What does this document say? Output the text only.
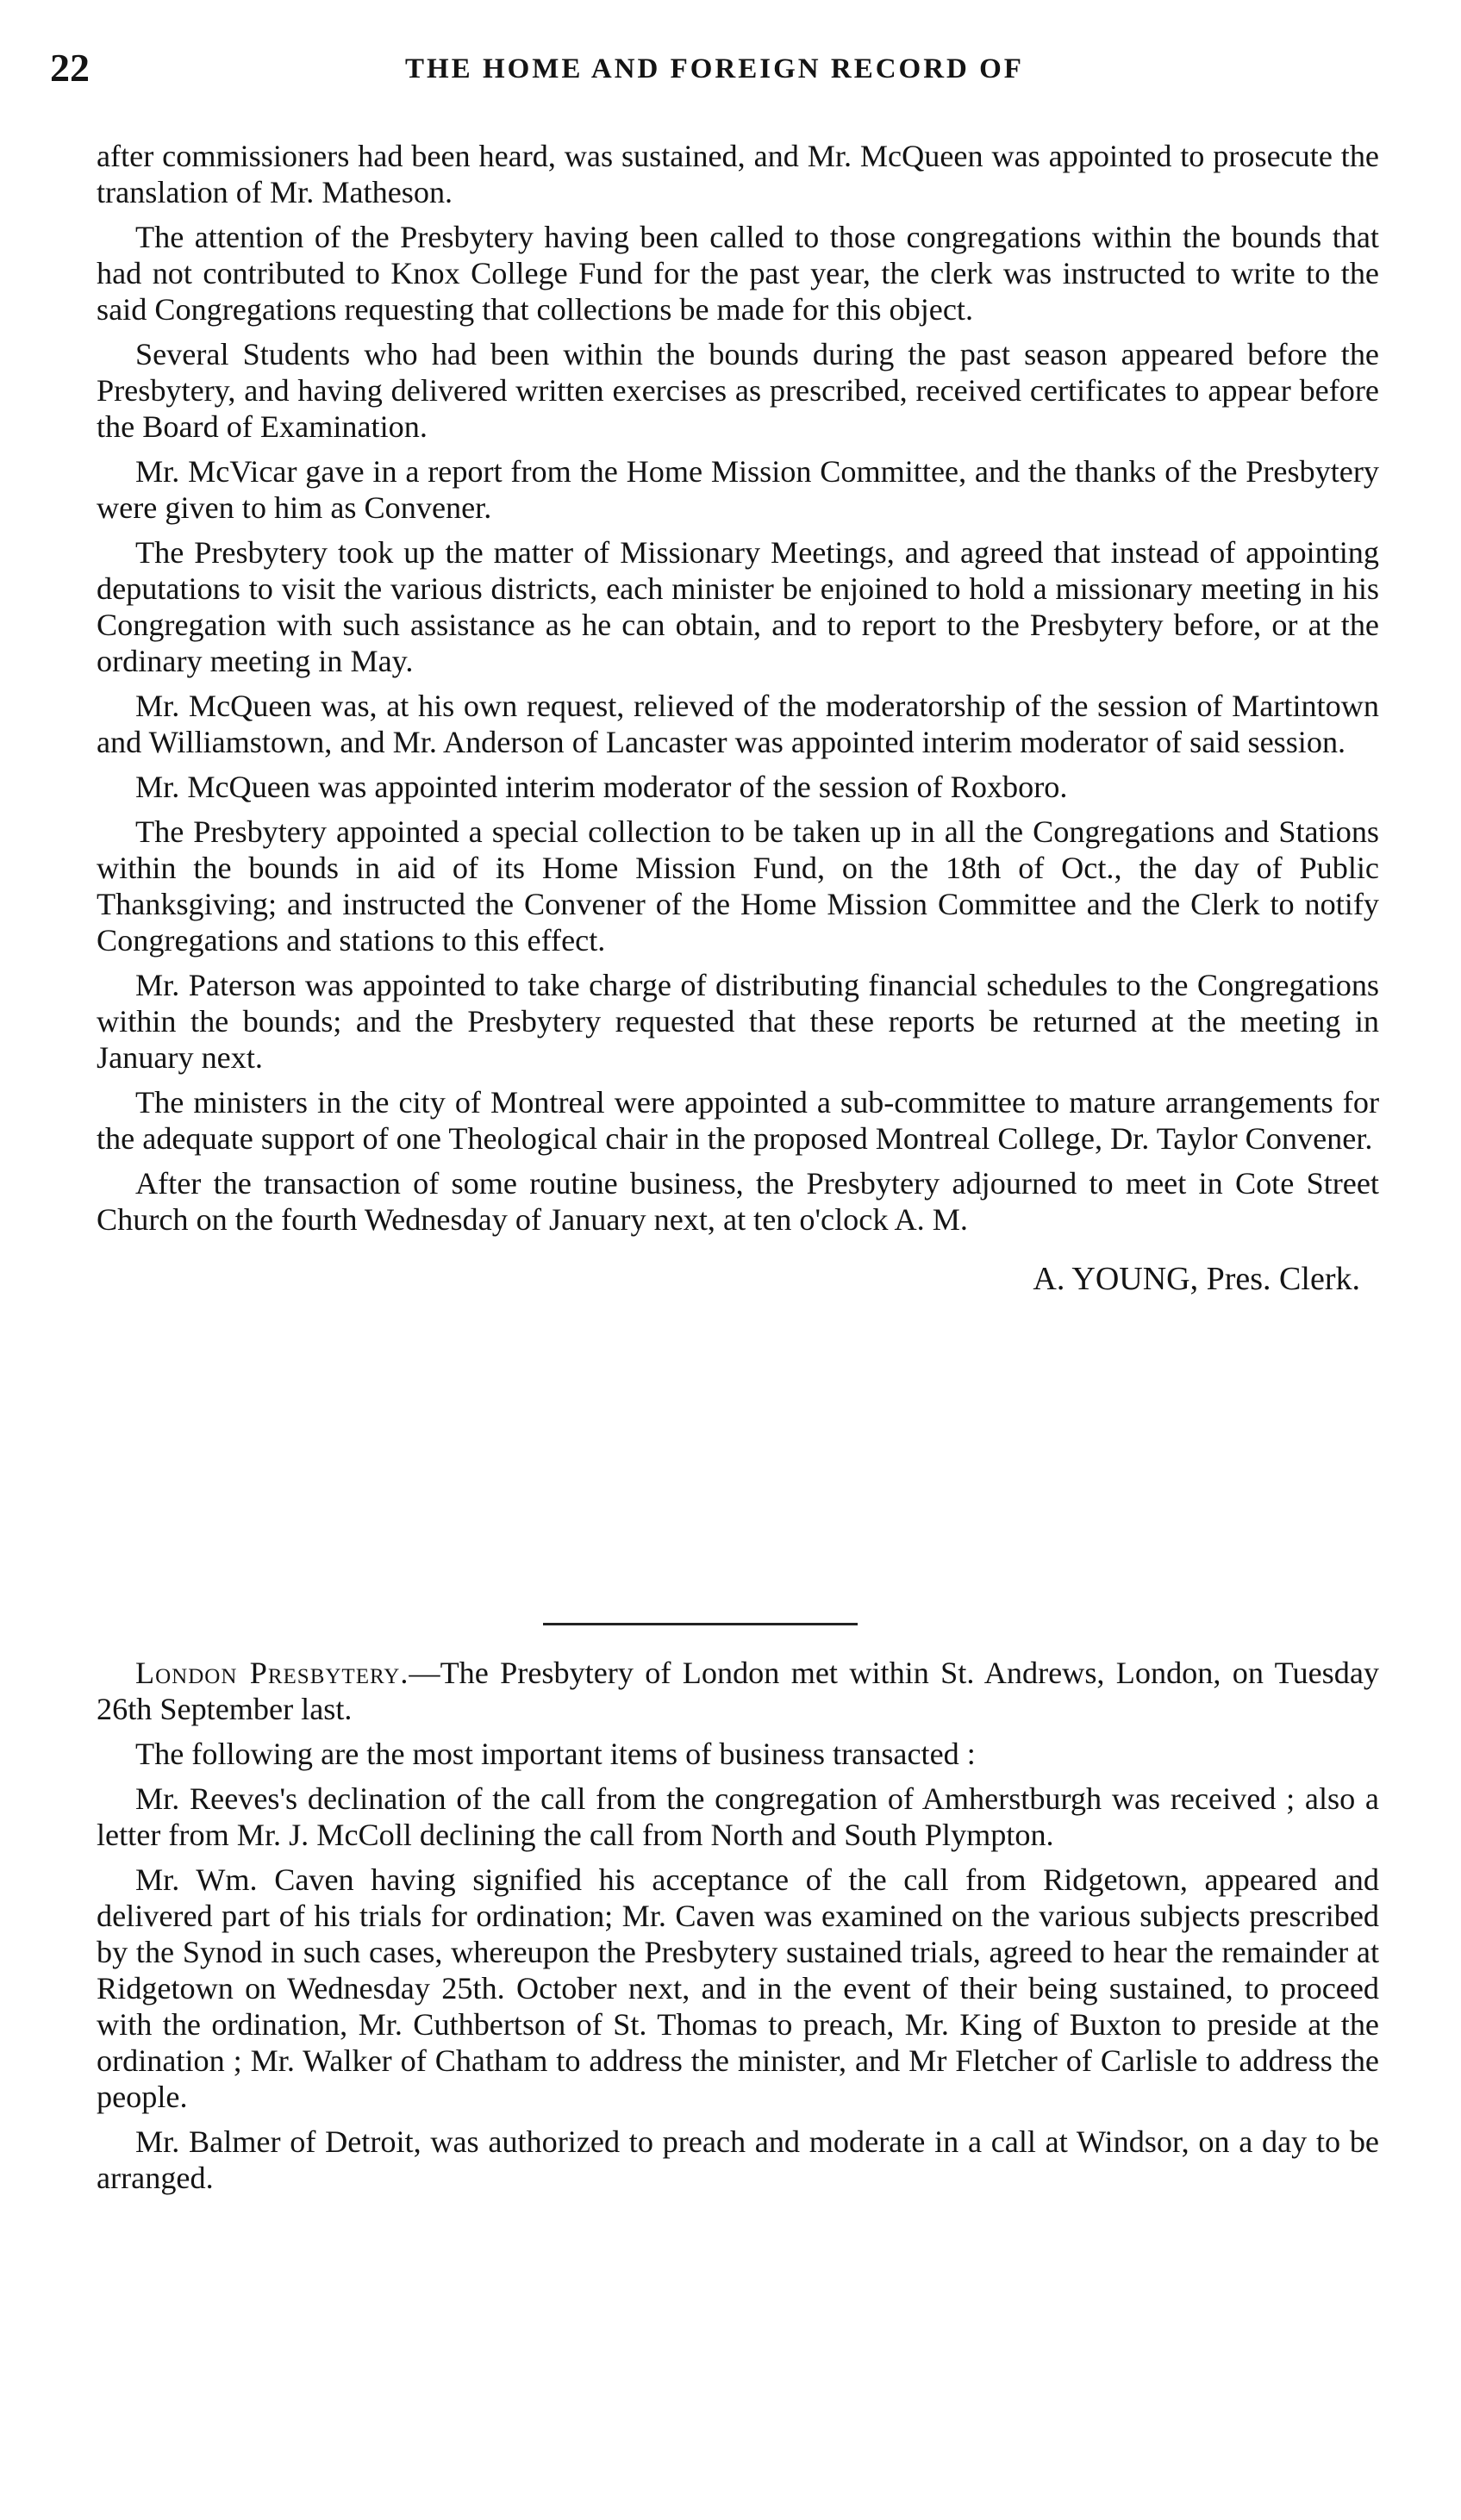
22	THE HOME AND FOREIGN RECORD OF

after commissioners had been heard, was sustained, and Mr. McQueen was appointed to prosecute the translation of Mr. Matheson.

The attention of the Presbytery having been called to those congregations within the bounds that had not contributed to Knox College Fund for the past year, the clerk was instructed to write to the said Congregations requesting that collections be made for this object.

Several Students who had been within the bounds during the past season appeared before the Presbytery, and having delivered written exercises as prescribed, received certificates to appear before the Board of Examination.

Mr. McVicar gave in a report from the Home Mission Committee, and the thanks of the Presbytery were given to him as Convener.

The Presbytery took up the matter of Missionary Meetings, and agreed that instead of appointing deputations to visit the various districts, each minister be enjoined to hold a missionary meeting in his Congregation with such assistance as he can obtain, and to report to the Presbytery before, or at the ordinary meeting in May.

Mr. McQueen was, at his own request, relieved of the moderatorship of the session of Martintown and Williamstown, and Mr. Anderson of Lancaster was appointed interim moderator of said session.

Mr. McQueen was appointed interim moderator of the session of Roxboro.

The Presbytery appointed a special collection to be taken up in all the Congregations and Stations within the bounds in aid of its Home Mission Fund, on the 18th of Oct., the day of Public Thanksgiving; and instructed the Convener of the Home Mission Committee and the Clerk to notify Congregations and stations to this effect.

Mr. Paterson was appointed to take charge of distributing financial schedules to the Congregations within the bounds; and the Presbytery requested that these reports be returned at the meeting in January next.

The ministers in the city of Montreal were appointed a sub-committee to mature arrangements for the adequate support of one Theological chair in the proposed Montreal College, Dr. Taylor Convener.

After the transaction of some routine business, the Presbytery adjourned to meet in Cote Street Church on the fourth Wednesday of January next, at ten o'clock A. M.

A. YOUNG, Pres. Clerk.

London Presbytery.—The Presbytery of London met within St. Andrews, London, on Tuesday 26th September last.

The following are the most important items of business transacted :

Mr. Reeves's declination of the call from the congregation of Amherstburgh was received ; also a letter from Mr. J. McColl declining the call from North and South Plympton.

Mr. Wm. Caven having signified his acceptance of the call from Ridgetown, appeared and delivered part of his trials for ordination; Mr. Caven was examined on the various subjects prescribed by the Synod in such cases, whereupon the Presbytery sustained trials, agreed to hear the remainder at Ridgetown on Wednesday 25th. October next, and in the event of their being sustained, to proceed with the ordination, Mr. Cuthbertson of St. Thomas to preach, Mr. King of Buxton to preside at the ordination ; Mr. Walker of Chatham to address the minister, and Mr Fletcher of Carlisle to address the people.

Mr. Balmer of Detroit, was authorized to preach and moderate in a call at Windsor, on a day to be arranged.
